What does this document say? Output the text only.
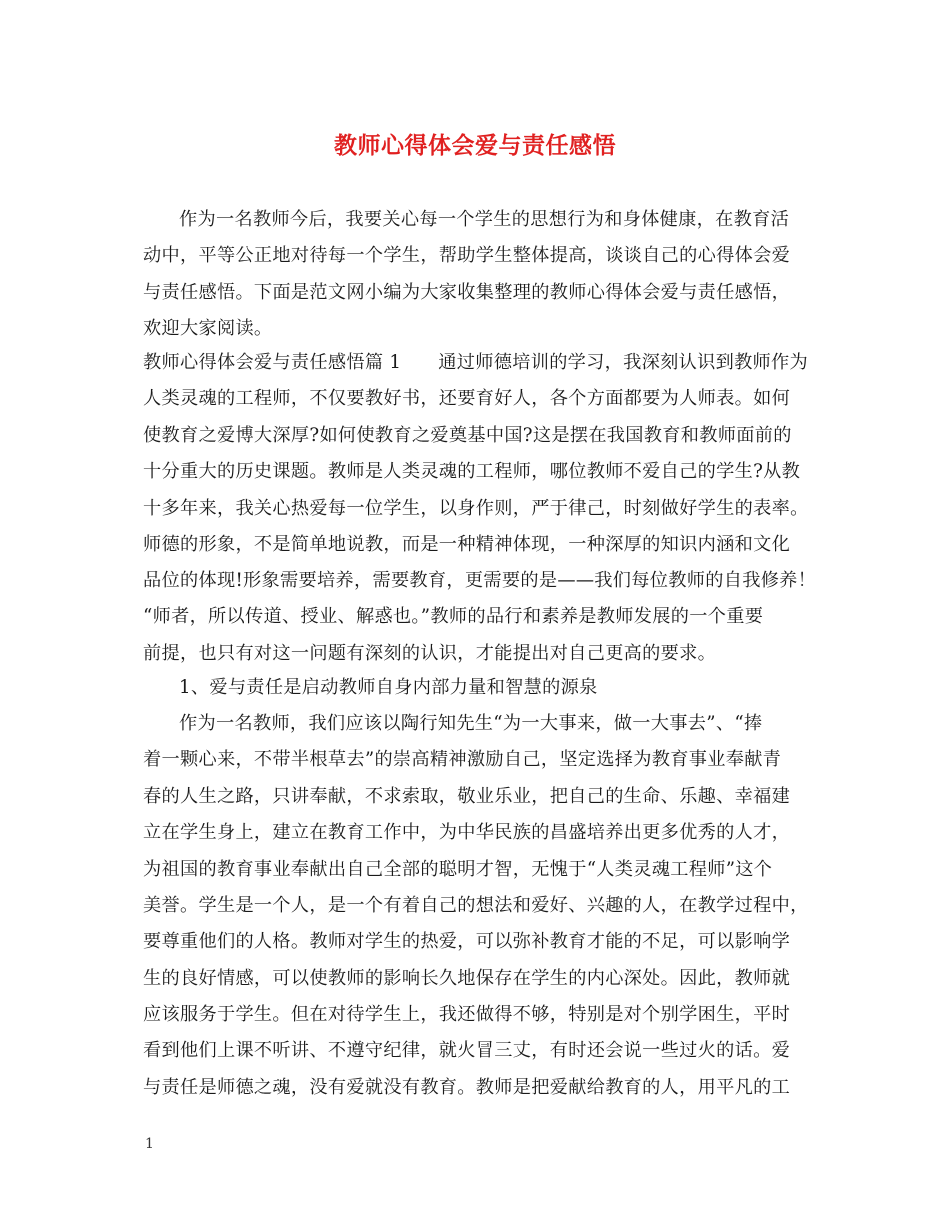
教师心得体会爱与责任感悟
作为一名教师今后，我要关心每一个学生的思想行为和身体健康，在教育活
动中，平等公正地对待每一个学生，帮助学生整体提高，谈谈自己的心得体会爱
与责任感悟。下面是范文网小编为大家收集整理的教师心得体会爱与责任感悟，
欢迎大家阅读。
教师心得体会爱与责任感悟篇 1　　通过师德培训的学习，我深刻认识到教师作为
人类灵魂的工程师，不仅要教好书，还要育好人，各个方面都要为人师表。如何
使教育之爱博大深厚?如何使教育之爱奠基中国?这是摆在我国教育和教师面前的
十分重大的历史课题。教师是人类灵魂的工程师，哪位教师不爱自己的学生?从教
十多年来，我关心热爱每一位学生，以身作则，严于律己，时刻做好学生的表率。
师德的形象，不是简单地说教，而是一种精神体现，一种深厚的知识内涵和文化
品位的体现!形象需要培养，需要教育，更需要的是——我们每位教师的自我修养！
“师者，所以传道、授业、解惑也。”教师的品行和素养是教师发展的一个重要
前提，也只有对这一问题有深刻的认识，才能提出对自己更高的要求。
1、爱与责任是启动教师自身内部力量和智慧的源泉
作为一名教师，我们应该以陶行知先生“为一大事来，做一大事去”、“捧
着一颗心来，不带半根草去”的崇高精神激励自己，坚定选择为教育事业奉献青
春的人生之路，只讲奉献，不求索取，敬业乐业，把自己的生命、乐趣、幸福建
立在学生身上，建立在教育工作中，为中华民族的昌盛培养出更多优秀的人才，
为祖国的教育事业奉献出自己全部的聪明才智，无愧于“人类灵魂工程师”这个
美誉。学生是一个人，是一个有着自己的想法和爱好、兴趣的人，在教学过程中，
要尊重他们的人格。教师对学生的热爱，可以弥补教育才能的不足，可以影响学
生的良好情感，可以使教师的影响长久地保存在学生的内心深处。因此，教师就
应该服务于学生。但在对待学生上，我还做得不够，特别是对个别学困生，平时
看到他们上课不听讲、不遵守纪律，就火冒三丈，有时还会说一些过火的话。爱
与责任是师德之魂，没有爱就没有教育。教师是把爱献给教育的人，用平凡的工
1
